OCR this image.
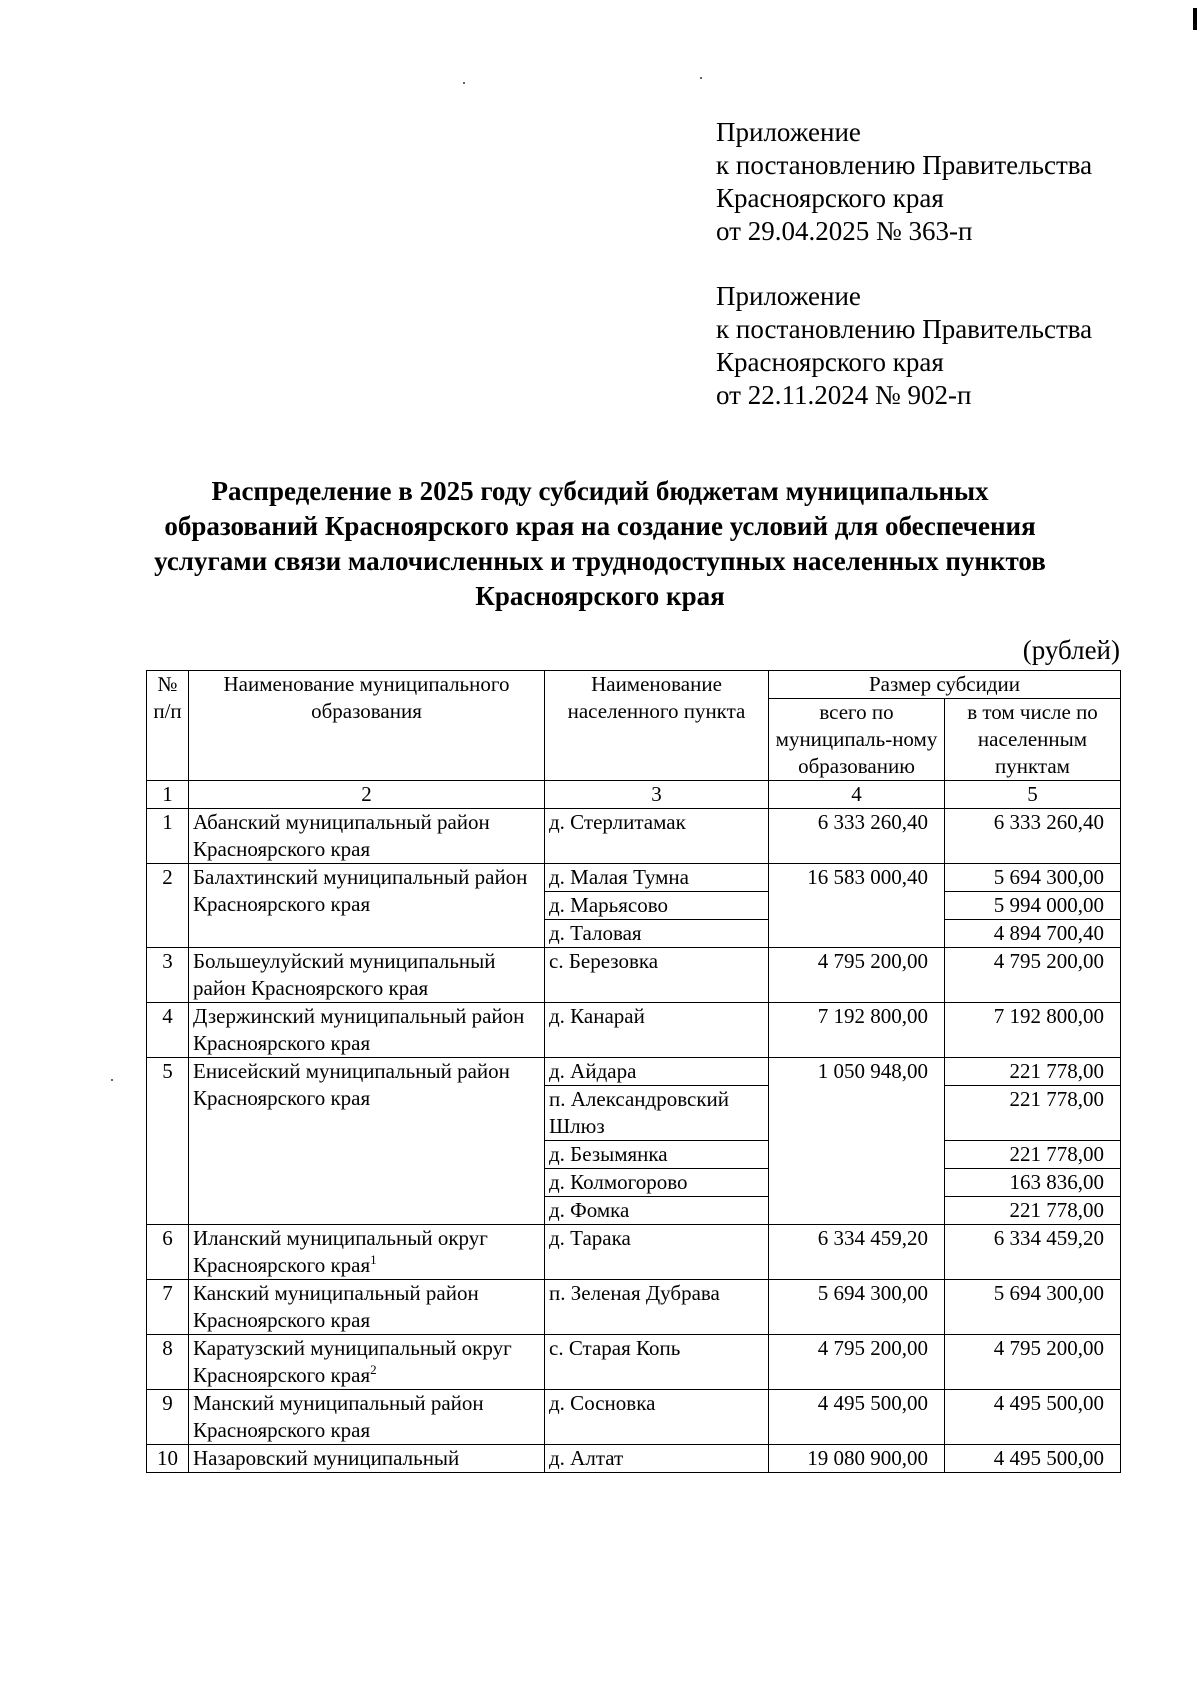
Приложение
к постановлению Правительства
Красноярского края
от 29.04.2025 № 363-п
Приложение
к постановлению Правительства
Красноярского края
от 22.11.2024 № 902-п
Распределение в 2025 году субсидий бюджетам муниципальных
образований Красноярского края на создание условий для обеспечения
услугами связи малочисленных и труднодоступных населенных пунктов
Красноярского края
(рублей)
№ п/п	Наименование муниципального образования	Наименование населенного пункта	Размер субсидии	
			всего по муниципаль-ному образованию	в том числе по населенным пунктам
1	2	3	4	5
1	Абанский муниципальный район Красноярского края	д. Стерлитамак	6 333 260,40	6 333 260,40
2	Балахтинский муниципальный район Красноярского края	д. Малая Тумна	16 583 000,40	5 694 300,00
		д. Марьясово		5 994 000,00
		д. Таловая		4 894 700,40
3	Большеулуйский муниципальный район Красноярского края	с. Березовка	4 795 200,00	4 795 200,00
4	Дзержинский муниципальный район Красноярского края	д. Канарай	7 192 800,00	7 192 800,00
5	Енисейский муниципальный район Красноярского края	д. Айдара	1 050 948,00	221 778,00
		п. Александровский Шлюз		221 778,00
		д. Безымянка		221 778,00
		д. Колмогорово		163 836,00
		д. Фомка		221 778,00
6	Иланский муниципальный округ Красноярского края$^1$	д. Тарака	6 334 459,20	6 334 459,20
7	Канский муниципальный район Красноярского края	п. Зеленая Дубрава	5 694 300,00	5 694 300,00
8	Каратузский муниципальный округ Красноярского края$^2$	с. Старая Копь	4 795 200,00	4 795 200,00
9	Манский муниципальный район Красноярского края	д. Сосновка	4 495 500,00	4 495 500,00
10	Назаровский муниципальный	д. Алтат	19 080 900,00	4 495 500,00
